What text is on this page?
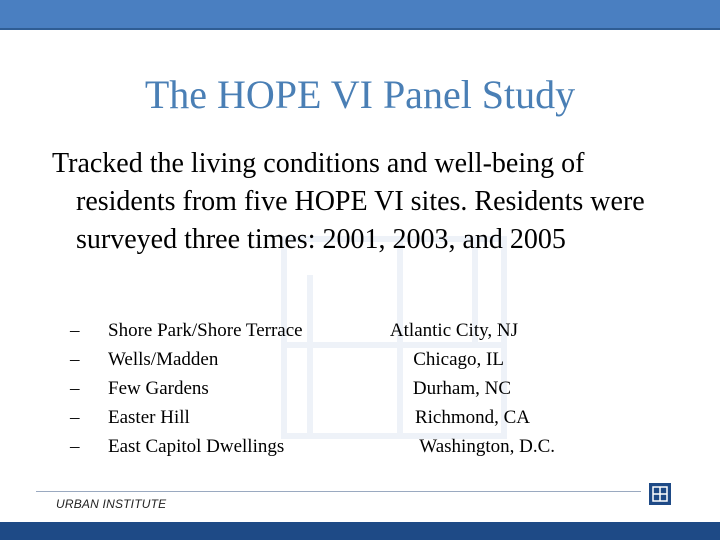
The HOPE VI Panel Study

Tracked the living conditions and well-being of residents from five HOPE VI sites. Residents were surveyed three times: 2001, 2003, and 2005

–	Shore Park/Shore Terrace	Atlantic City, NJ
–	Wells/Madden	Chicago, IL
–	Few Gardens	Durham, NC
–	Easter Hill	Richmond, CA
–	East Capitol Dwellings	Washington, D.C.
URBAN INSTITUTE
